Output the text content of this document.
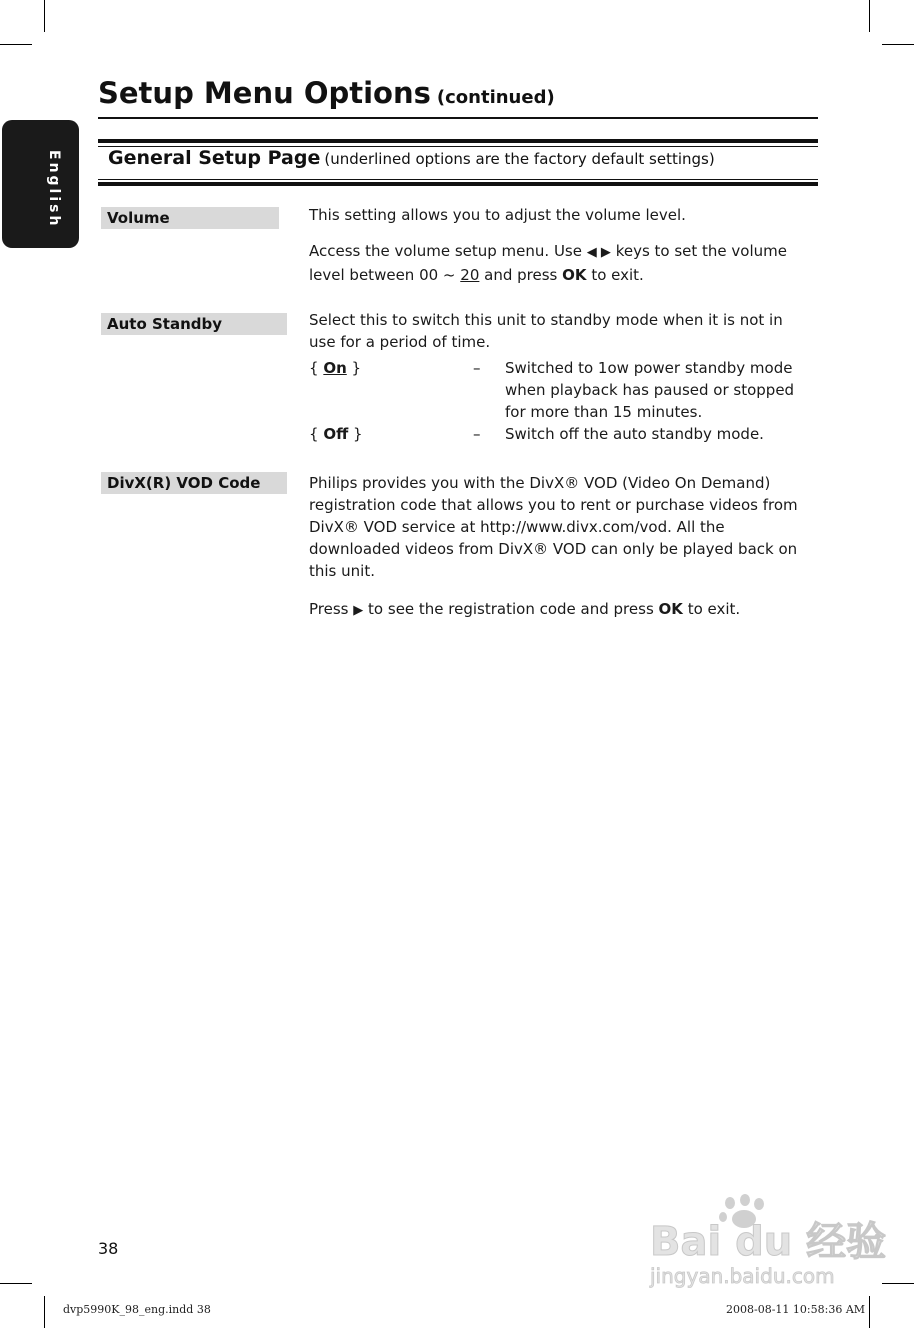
English
Setup Menu Options (continued)
General Setup Page (underlined options are the factory default settings)
Volume	This setting allows you to adjust the volume level.

Access the volume setup menu. Use ◀ ▶ keys to set the volume level between 00 ~ 20 and press OK to exit.

Auto Standby	Select this to switch this unit to standby mode when it is not in use for a period of time.
{ On }	– Switched to 1ow power standby mode when playback has paused or stopped for more than 15 minutes.
{ Off }	– Switch off the auto standby mode.
DivX(R) VOD Code	Philips provides you with the DivX® VOD (Video On Demand) registration code that allows you to rent or purchase videos from DivX® VOD service at http://www.divx.com/vod. All the downloaded videos from DivX® VOD can only be played back on this unit.

Press ▶ to see the registration code and press OK to exit.

38	Bai du 经验
jingyan.baidu.com
dvp5990K_98_eng.indd 38	2008-08-11 10:58:36 AM
